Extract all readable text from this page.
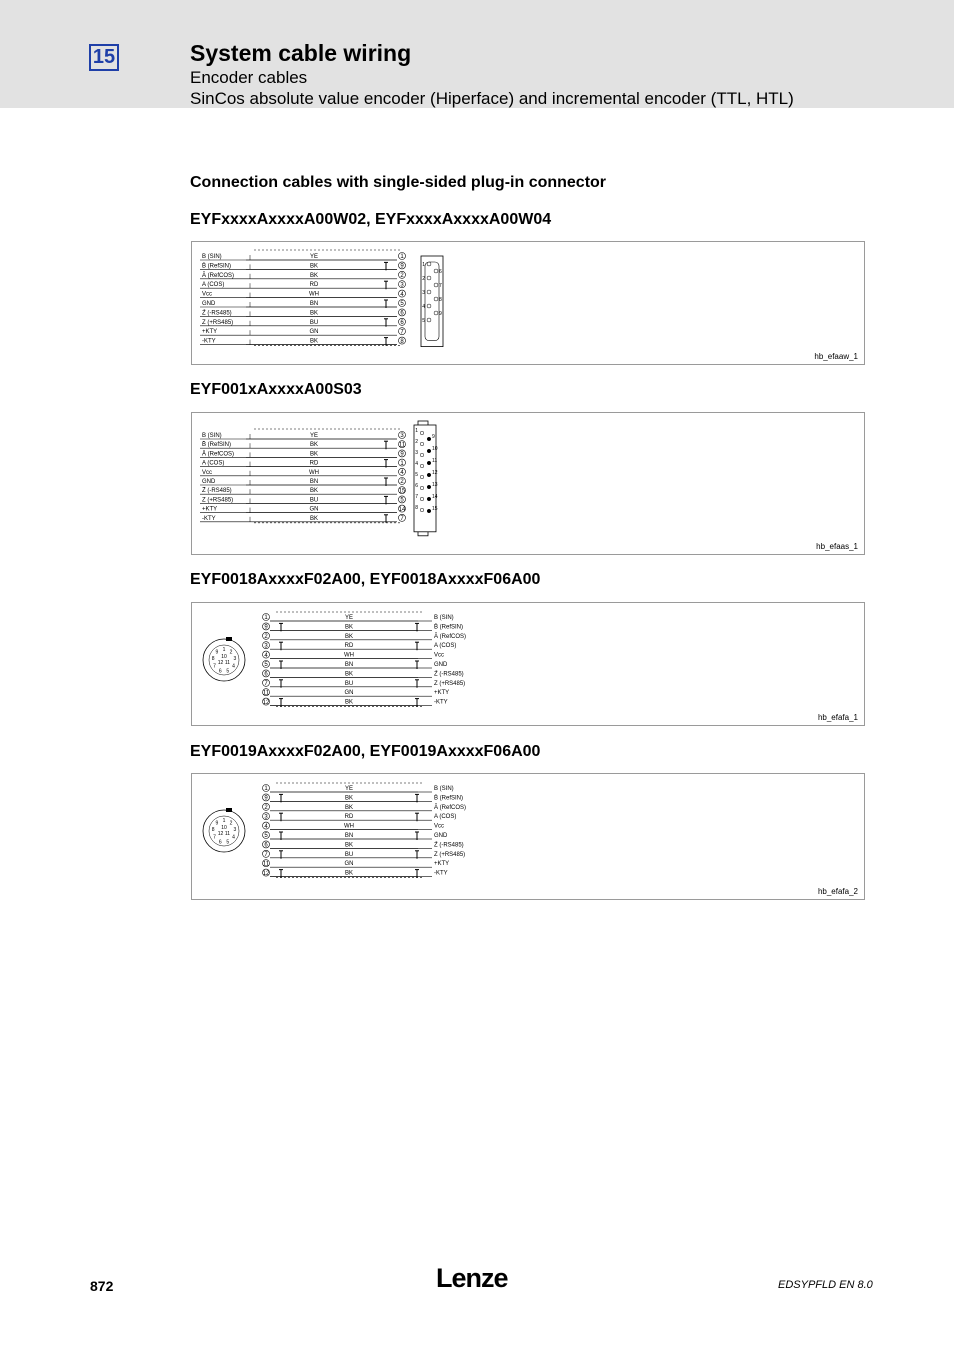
15	System cable wiring
Encoder cables
SinCos absolute value encoder (Hiperface) and incremental encoder (TTL, HTL)
Connection cables with single-sided plug-in connector
EYFxxxxAxxxxA00W02, EYFxxxxAxxxxA00W04
B (SIN)	YE	1
B̄ (RefSIN)	BK	9
Ā (RefCOS)	BK	2
A (COS)	RD	3
Vcc	WH	4
GND	BN	5
Z̄ (-RS485)	BK	6
Z (+RS485)	BU	6
+KTY	GN	7
-KTY	BK	8
1
2
3
4
5
6
7
8
9
hb_efaaw_1
EYF001xAxxxxA00S03
B (SIN)	YE	3
B̄ (RefSIN)	BK	11
Ā (RefCOS)	BK	9
A (COS)	RD	1
Vcc	WH	4
GND	BN	2
Z̄ (-RS485)	BK	15
Z (+RS485)	BU	5
+KTY	GN	14
-KTY	BK	7
1
2
3
4
5
6
7
8
9
10
11
12
13
14
15
hb_efaas_1
EYF0018AxxxxF02A00, EYF0018AxxxxF06A00
1	YE	B (SIN)
9	BK	B̄ (RefSIN)
2	BK	Ā (RefCOS)
3	RD	A (COS)
4	WH	Vcc
5	BN	GND
6	BK	Z̄ (-RS485)
7	BU	Z (+RS485)
11	GN	+KTY
12	BK	-KTY
1 2
3
4
5
6
7
8
9
10
11
12
hb_efafa_1
EYF0019AxxxxF02A00, EYF0019AxxxxF06A00
1	YE	B (SIN)
9	BK	B̄ (RefSIN)
2	BK	Ā (RefCOS)
3	RD	A (COS)
4	WH	Vcc
5	BN	GND
6	BK	Z̄ (-RS485)
7	BU	Z (+RS485)
11	GN	+KTY
12	BK	-KTY
1 2
3
4
5
6
7
8
9
10
11
12
hb_efafa_2
872	Lenze	EDSYPFLD EN 8.0
